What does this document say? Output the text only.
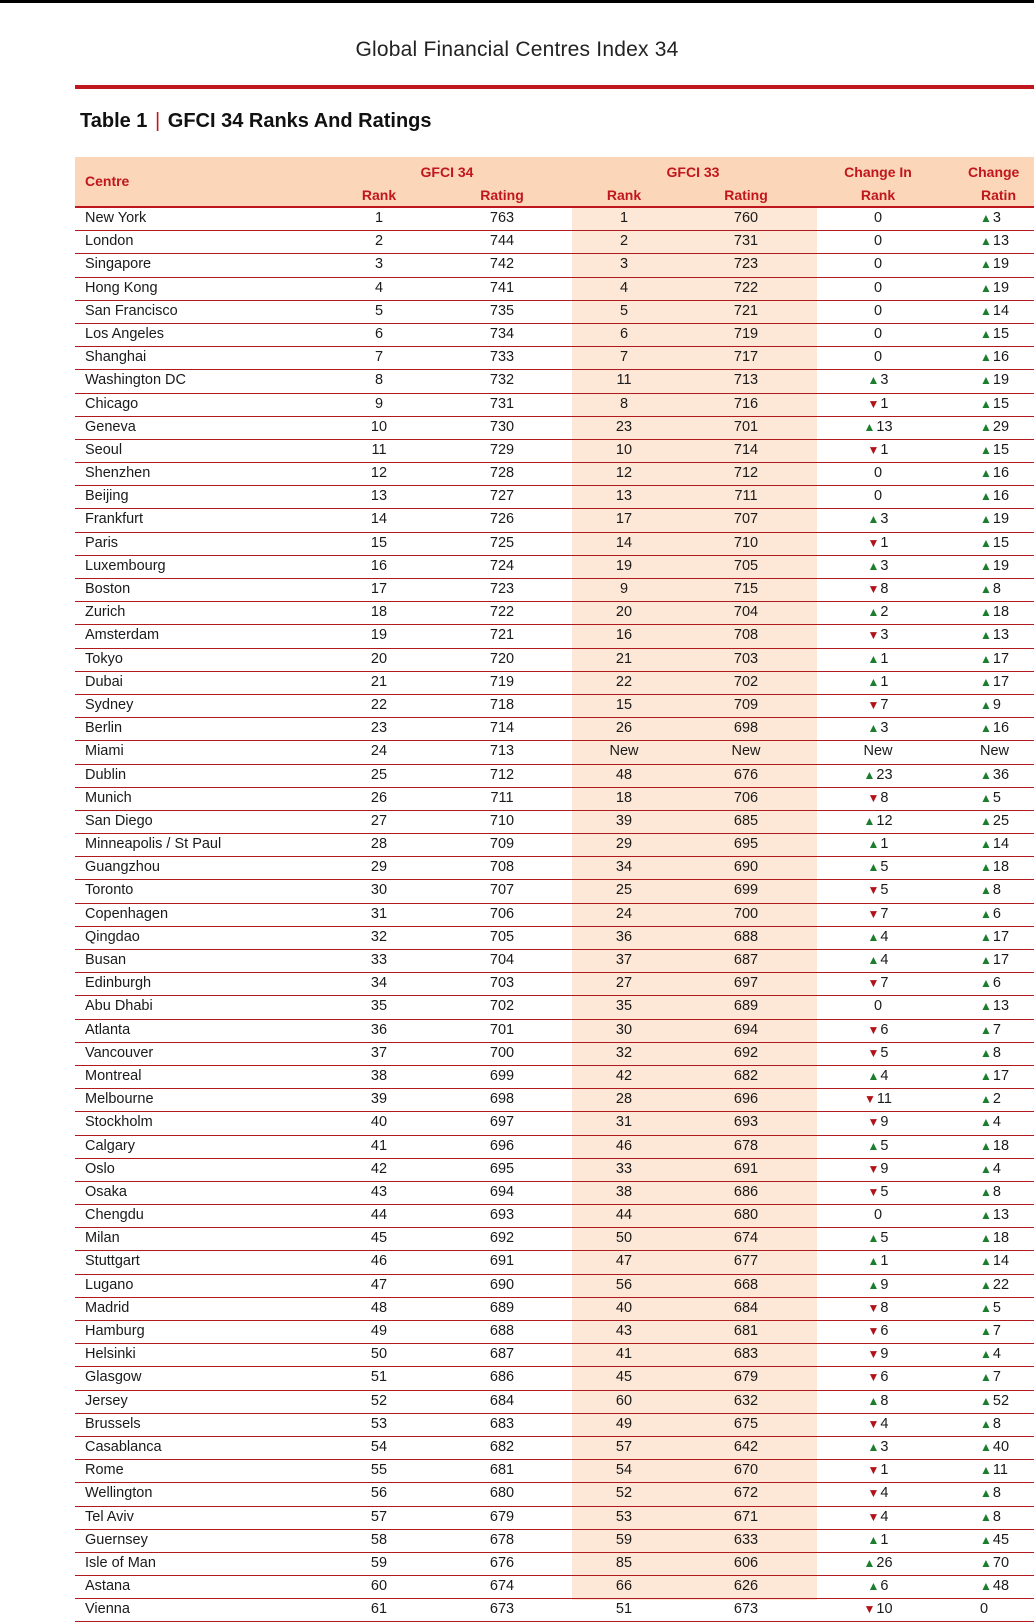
Global Financial Centres Index 34
Table 1 | GFCI 34 Ranks And Ratings
Centre
GFCI 34	GFCI 33	Change In	Change
Rank	Rating	Rank	Rating	Rank	Ratin
New York	1	763	1	760	0	▲3
London	2	744	2	731	0	▲13
Singapore	3	742	3	723	0	▲19
Hong Kong	4	741	4	722	0	▲19
San Francisco	5	735	5	721	0	▲14
Los Angeles	6	734	6	719	0	▲15
Shanghai	7	733	7	717	0	▲16
Washington DC	8	732	11	713	▲3	▲19
Chicago	9	731	8	716	▼1	▲15
Geneva	10	730	23	701	▲13	▲29
Seoul	11	729	10	714	▼1	▲15
Shenzhen	12	728	12	712	0	▲16
Beijing	13	727	13	711	0	▲16
Frankfurt	14	726	17	707	▲3	▲19
Paris	15	725	14	710	▼1	▲15
Luxembourg	16	724	19	705	▲3	▲19
Boston	17	723	9	715	▼8	▲8
Zurich	18	722	20	704	▲2	▲18
Amsterdam	19	721	16	708	▼3	▲13
Tokyo	20	720	21	703	▲1	▲17
Dubai	21	719	22	702	▲1	▲17
Sydney	22	718	15	709	▼7	▲9
Berlin	23	714	26	698	▲3	▲16
Miami	24	713	New	New	New	New
Dublin	25	712	48	676	▲23	▲36
Munich	26	711	18	706	▼8	▲5
San Diego	27	710	39	685	▲12	▲25
Minneapolis / St Paul	28	709	29	695	▲1	▲14
Guangzhou	29	708	34	690	▲5	▲18
Toronto	30	707	25	699	▼5	▲8
Copenhagen	31	706	24	700	▼7	▲6
Qingdao	32	705	36	688	▲4	▲17
Busan	33	704	37	687	▲4	▲17
Edinburgh	34	703	27	697	▼7	▲6
Abu Dhabi	35	702	35	689	0	▲13
Atlanta	36	701	30	694	▼6	▲7
Vancouver	37	700	32	692	▼5	▲8
Montreal	38	699	42	682	▲4	▲17
Melbourne	39	698	28	696	▼11	▲2
Stockholm	40	697	31	693	▼9	▲4
Calgary	41	696	46	678	▲5	▲18
Oslo	42	695	33	691	▼9	▲4
Osaka	43	694	38	686	▼5	▲8
Chengdu	44	693	44	680	0	▲13
Milan	45	692	50	674	▲5	▲18
Stuttgart	46	691	47	677	▲1	▲14
Lugano	47	690	56	668	▲9	▲22
Madrid	48	689	40	684	▼8	▲5
Hamburg	49	688	43	681	▼6	▲7
Helsinki	50	687	41	683	▼9	▲4
Glasgow	51	686	45	679	▼6	▲7
Jersey	52	684	60	632	▲8	▲52
Brussels	53	683	49	675	▼4	▲8
Casablanca	54	682	57	642	▲3	▲40
Rome	55	681	54	670	▼1	▲11
Wellington	56	680	52	672	▼4	▲8
Tel Aviv	57	679	53	671	▼4	▲8
Guernsey	58	678	59	633	▲1	▲45
Isle of Man	59	676	85	606	▲26	▲70
Astana	60	674	66	626	▲6	▲48
Vienna	61	673	51	673	▼10	0
